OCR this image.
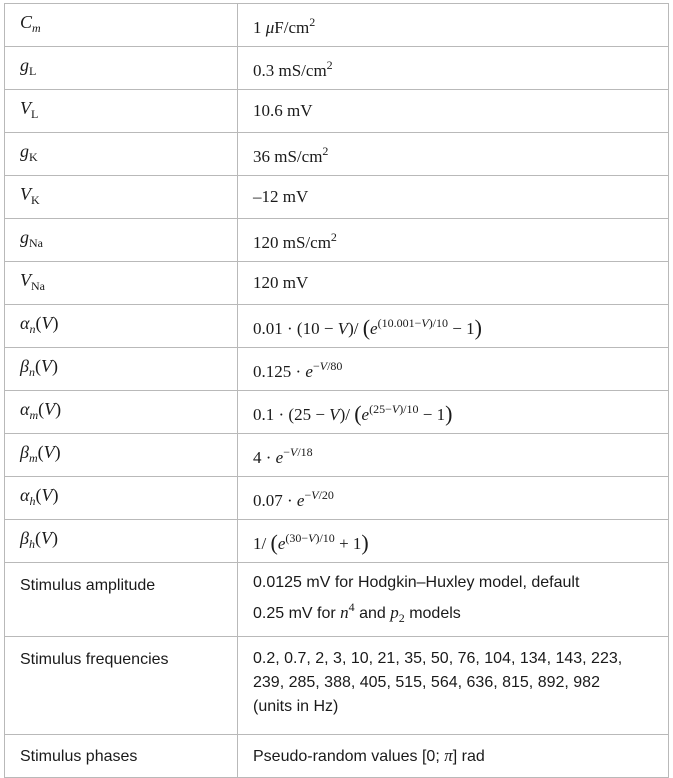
$C_m$	1 $\mu F/cm^2$
$g_L$	0.3 $mS/cm^2$
$V_L$	10.6 mV
$g_K$	36 $mS/cm^2$
$V_K$	–12 mV
$g_{Na}$	120 $mS/cm^2$
$V_{Na}$	120 mV
$\alpha_n(V)$	0.01 · (10 − V)/ $(e^{(10.001-V)/10} - 1)$
$\beta_n(V)$	$0.125 \cdot e^{-V/80}$
$\alpha_m(V)$	0.1 · (25 − V)/ $(e^{(25-V)/10} - 1)$
$\beta_m(V)$	$4 \cdot e^{-V/18}$
$\alpha_h(V)$	$0.07 \cdot e^{-V/20}$
$\beta_h(V)$	1/ $(e^{(30-V)/10} + 1)$
Stimulus amplitude	0.0125 mV for Hodgkin–Huxley model, default
0.25 mV for $n^4$ and $p_2$ models

Stimulus frequencies	0.2, 0.7, 2, 3, 10, 21, 35, 50, 76, 104, 134, 143, 223,
239, 285, 388, 405, 515, 564, 636, 815, 892, 982
(units in Hz)

Stimulus phases	Pseudo-random values [0; π] rad
